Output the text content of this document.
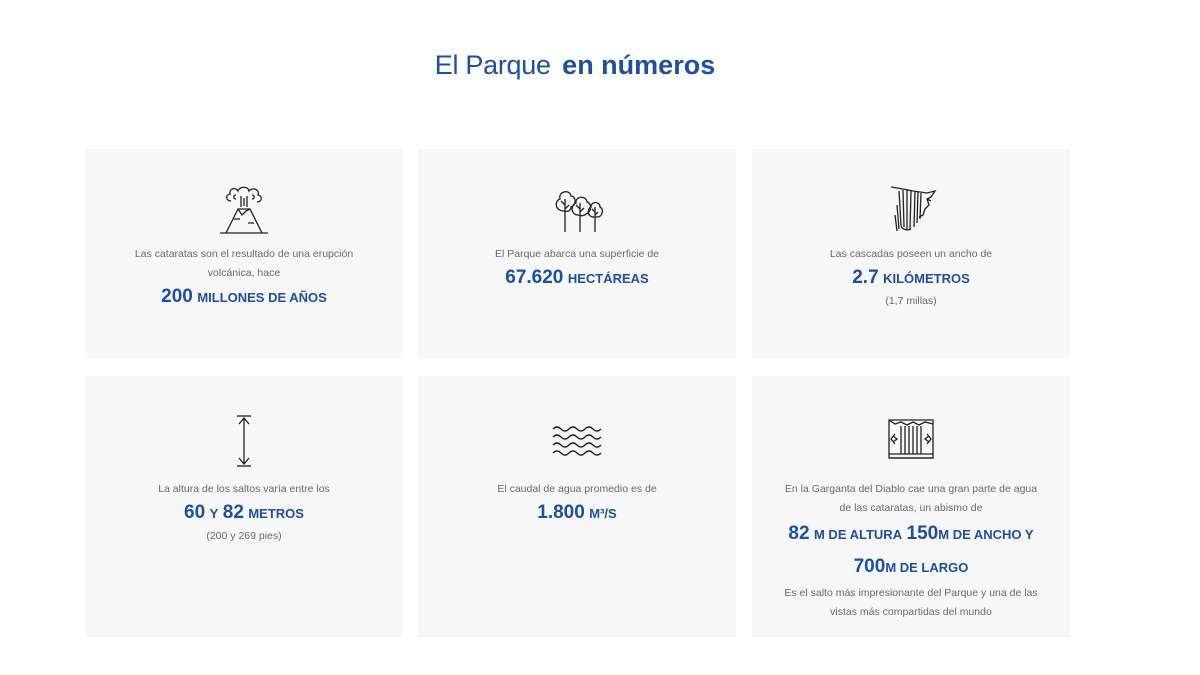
El Parque en números

Las cataratas son el resultado de una erupción volcánica, hace

200 MILLONES DE AÑOS

El Parque abarca una superficie de

67.620 HECTÁREAS

Las cascadas poseen un ancho de

2.7 KILÓMETROS

(1,7 millas)

La altura de los saltos varía entre los

60 Y 82 METROS

(200 y 269 pies)

El caudal de agua promedio es de

1.800 M³/S

En la Garganta del Diablo cae una gran parte de agua de las cataratas, un abismo de

82 M DE ALTURA 150M DE ANCHO Y
700M DE LARGO

Es el salto más impresionante del Parque y una de las vistas más compartidas del mundo
